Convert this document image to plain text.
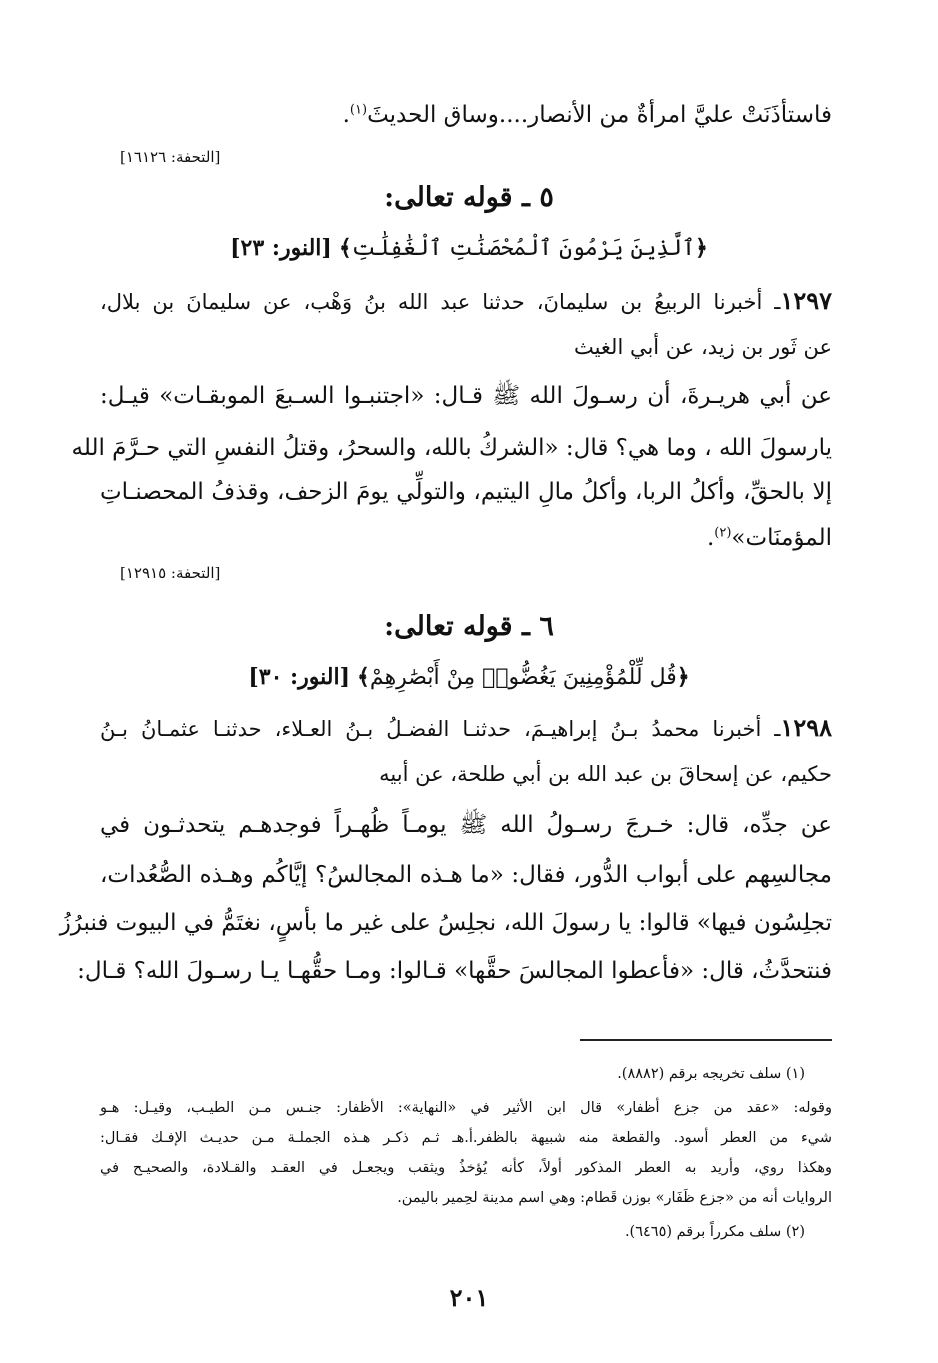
فاستأذَنَتْ عليَّ امرأةٌ من الأنصار....وساق الحديثَ$^{(١)}$.
[التحفة: ١٦١٢٦]
٥ ـ قوله تعالى:
﴿ٱلَّذِينَ يَرْمُونَ ٱلْمُحْصَنَٰتِ ٱلْغَٰفِلَٰتِ﴾ [النور: ٢٣]
١٢٩٧ـ أخبرنا الربيعُ بن سليمانَ، حدثنا عبد الله بنُ وَهْب، عن سليمانَ بن بلال،
عن ثَور بن زيد، عن أبي الغيث
عن أبي هريـرةَ، أن رسـولَ الله ﷺ قـال: «اجتنبـوا السـبعَ الموبقـات» قيـل:
يارسولَ الله ، وما هي؟ قال: «الشركُ بالله، والسحرُ، وقتلُ النفسِ التي حـرَّمَ الله
إلا بالحقِّ، وأكلُ الربا، وأكلُ مالِ اليتيم، والتولِّي يومَ الزحف، وقذفُ المحصنـاتِ
المؤمنَات»$^{(٢)}$.
[التحفة: ١٢٩١٥]
٦ ـ قوله تعالى:
﴿قُل لِّلْمُؤْمِنِينَ يَغُضُّوا۟ مِنْ أَبْصَٰرِهِمْ﴾ [النور: ٣٠]
١٢٩٨ـ أخبرنا محمدُ بـنُ إبراهيـمَ، حدثنـا الفضـلُ بـنُ العـلاء، حدثنـا عثمـانُ بـنُ
حكيم، عن إسحاقَ بن عبد الله بن أبي طلحة، عن أبيه
عن جدِّه، قال: خـرجَ رسـولُ الله ﷺ يومـاً ظُهـراً فوجدهـم يتحدثـون في
مجالسِهم على أبواب الدُّور، فقال: «ما هـذه المجالسُ؟ إيَّاكُم وهـذه الصُّعُدات،
تجلِسُون فيها» قالوا: يا رسولَ الله، نجلِسُ على غير ما بأسٍ، نغتَمُّ في البيوت فنبرُزُ
فنتحدَّثُ، قال: «فأعطوا المجالسَ حقَّها» قـالوا: ومـا حقُّهـا يـا رسـولَ الله؟ قـال:
(١) سلف تخريجه برقم (٨٨٨٢).
وقوله: «عقد من جزع أظفار» قال ابن الأثير في «النهاية»: الأظفار: جنـس مـن الطيـب، وقيـل: هـو
شيء من العطر أسود. والقطعة منه شبيهة بالظفر.أ.هـ ثـم ذكـر هـذه الجملـة مـن حديـث الإفـك فقـال:
وهكذا روي، وأريد به العطر المذكور أولاً، كأنه يُؤخذُ ويثقب ويجعـل في العقـد والقـلادة، والصحيـح في
الروايات أنه من «جزع ظَفَار» بوزن قَطام: وهي اسم مدينة لحِمير باليمن.
(٢) سلف مكرراً برقم (٦٤٦٥).
٢٠١
